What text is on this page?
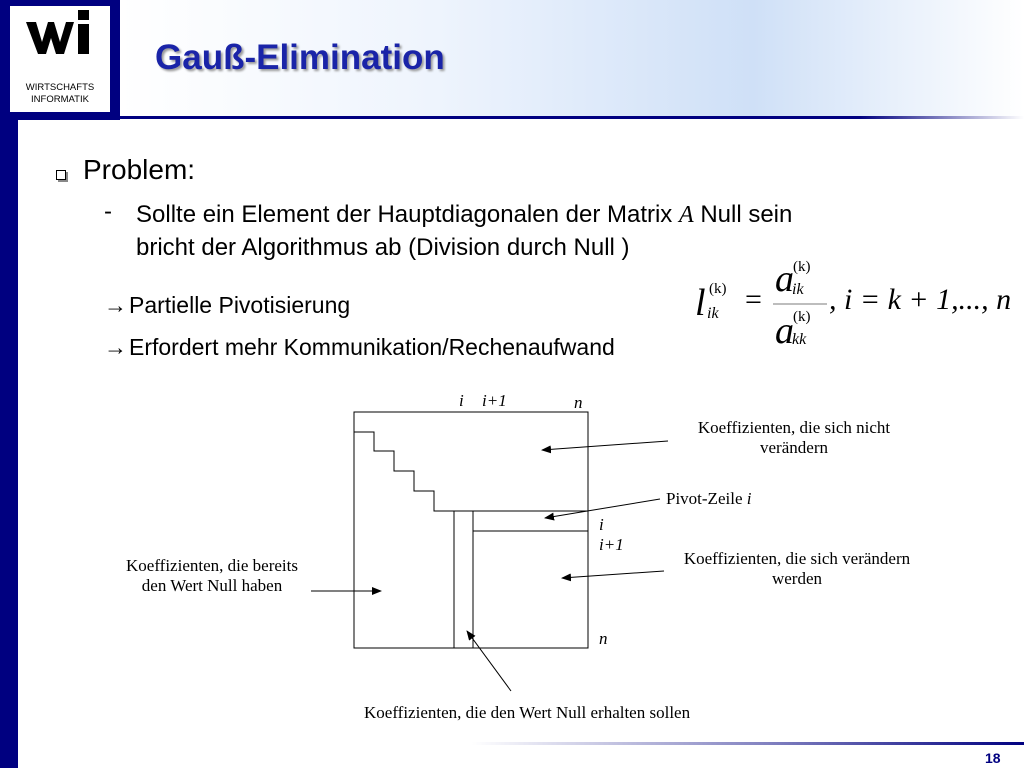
WIRTSCHAFTS
INFORMATIK
Gauß-Elimination
Problem:
- Sollte ein Element der Hauptdiagonalen der Matrix A Null sein
bricht der Algorithmus ab (Division durch Null )
→Partielle Pivotisierung
→Erfordert mehr Kommunikation/Rechenaufwand
l (k)
ik = a (k)
ik
a (k)
kk
, i = k + 1,..., n
i i+1	n
i
i+1
n
Koeffizienten, die sich nicht
verändern
Pivot-Zeile i
Koeffizienten, die sich verändern
werden
Koeffizienten, die bereits
den Wert Null haben
Koeffizienten, die den Wert Null erhalten sollen
18
